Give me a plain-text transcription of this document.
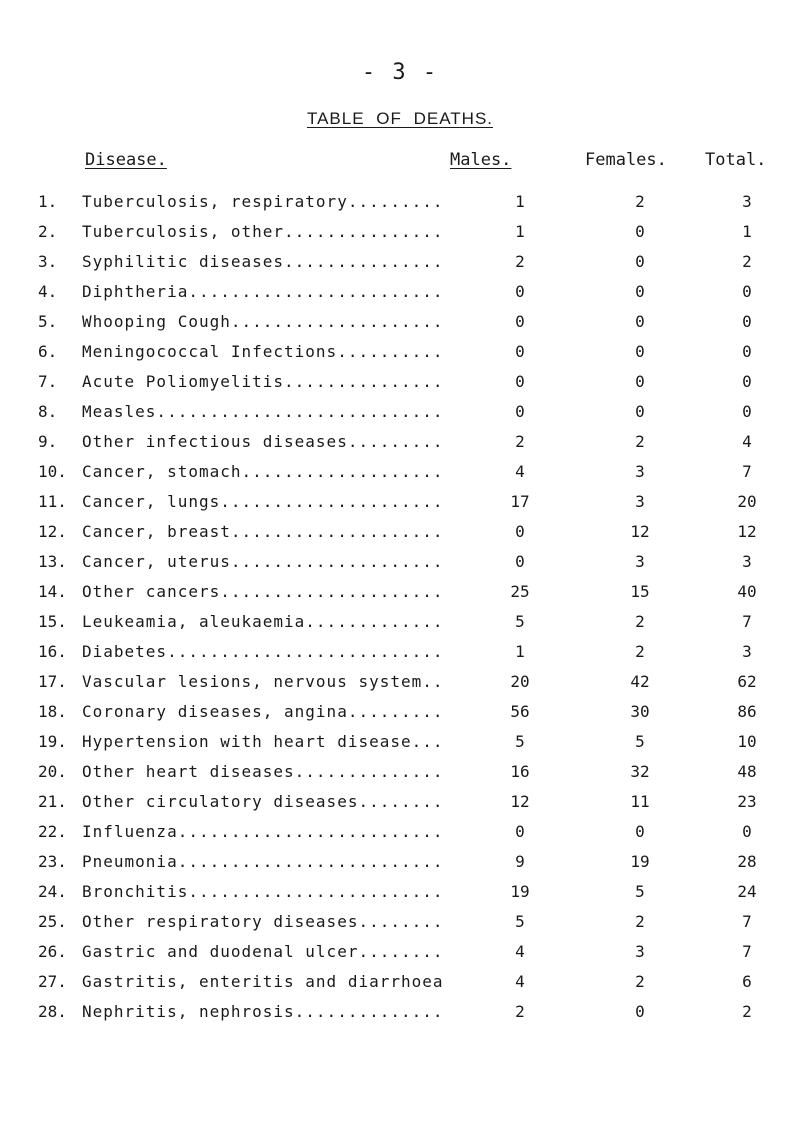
- 3 -
TABLE OF DEATHS.
Disease.	Males.	Females. Total.
1.	Tuberculosis, respiratory.........	1	2	3
2.	Tuberculosis, other...............	1	0	1
3.	Syphilitic diseases...............	2	0	2
4.	Diphtheria........................	0	0	0
5.	Whooping Cough....................	0	0	0
6.	Meningococcal Infections..........	0	0	0
7.	Acute Poliomyelitis...............	0	0	0
8.	Measles...........................	0	0	0
9.	Other infectious diseases.........	2	2	4
10. Cancer, stomach...................	4	3	7
11. Cancer, lungs.....................	17	3	20
12. Cancer, breast....................	0	12	12
13. Cancer, uterus....................	0	3	3
14. Other cancers.....................	25	15	40
15. Leukeamia, aleukaemia.............	5	2	7
16. Diabetes..........................	1	2	3
17. Vascular lesions, nervous system..	20	42	62
18. Coronary diseases, angina.........	56	30	86
19. Hypertension with heart disease...	5	5	10
20. Other heart diseases..............	16	32	48
21. Other circulatory diseases........	12	11	23
22. Influenza.........................	0	0	0
23. Pneumonia.........................	9	19	28
24. Bronchitis........................	19	5	24
25. Other respiratory diseases........	5	2	7
26. Gastric and duodenal ulcer........	4	3	7
27. Gastritis, enteritis and diarrhoea	4	2	6
28. Nephritis, nephrosis..............	2	0	2
